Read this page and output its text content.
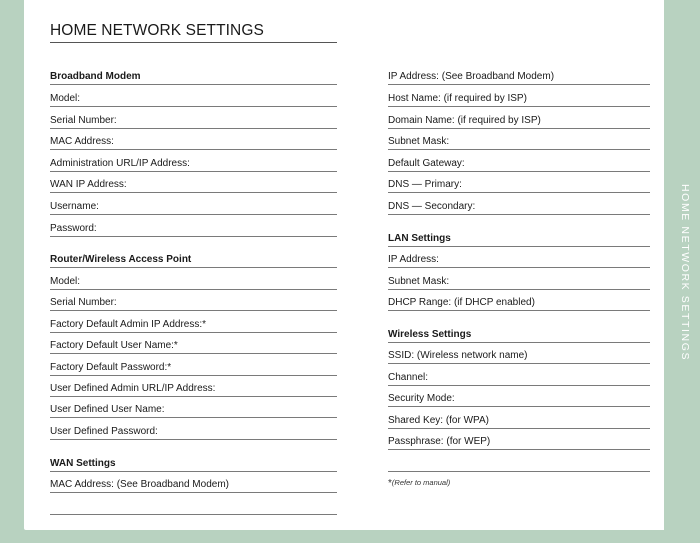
HOME NETWORK SETTINGS
Broadband Modem
Model:
Serial Number:
MAC Address:
Administration URL/IP Address:
WAN IP Address:
Username:
Password:
Router/Wireless Access Point
Model:
Serial Number:
Factory Default Admin IP Address:*
Factory Default User Name:*
Factory Default Password:*
User Defined Admin URL/IP Address:
User Defined User Name:
User Defined Password:
WAN Settings
MAC Address: (See Broadband Modem)
IP Address: (See Broadband Modem)
Host Name: (if required by ISP)
Domain Name: (if required by ISP)
Subnet Mask:
Default Gateway:
DNS — Primary:
DNS — Secondary:
LAN Settings
IP Address:
Subnet Mask:
DHCP Range: (if DHCP enabled)
Wireless Settings
SSID: (Wireless network name)
Channel:
Security Mode:
Shared Key: (for WPA)
Passphrase: (for WEP)
*(Refer to manual)
HOME NETWORK SETTINGS
